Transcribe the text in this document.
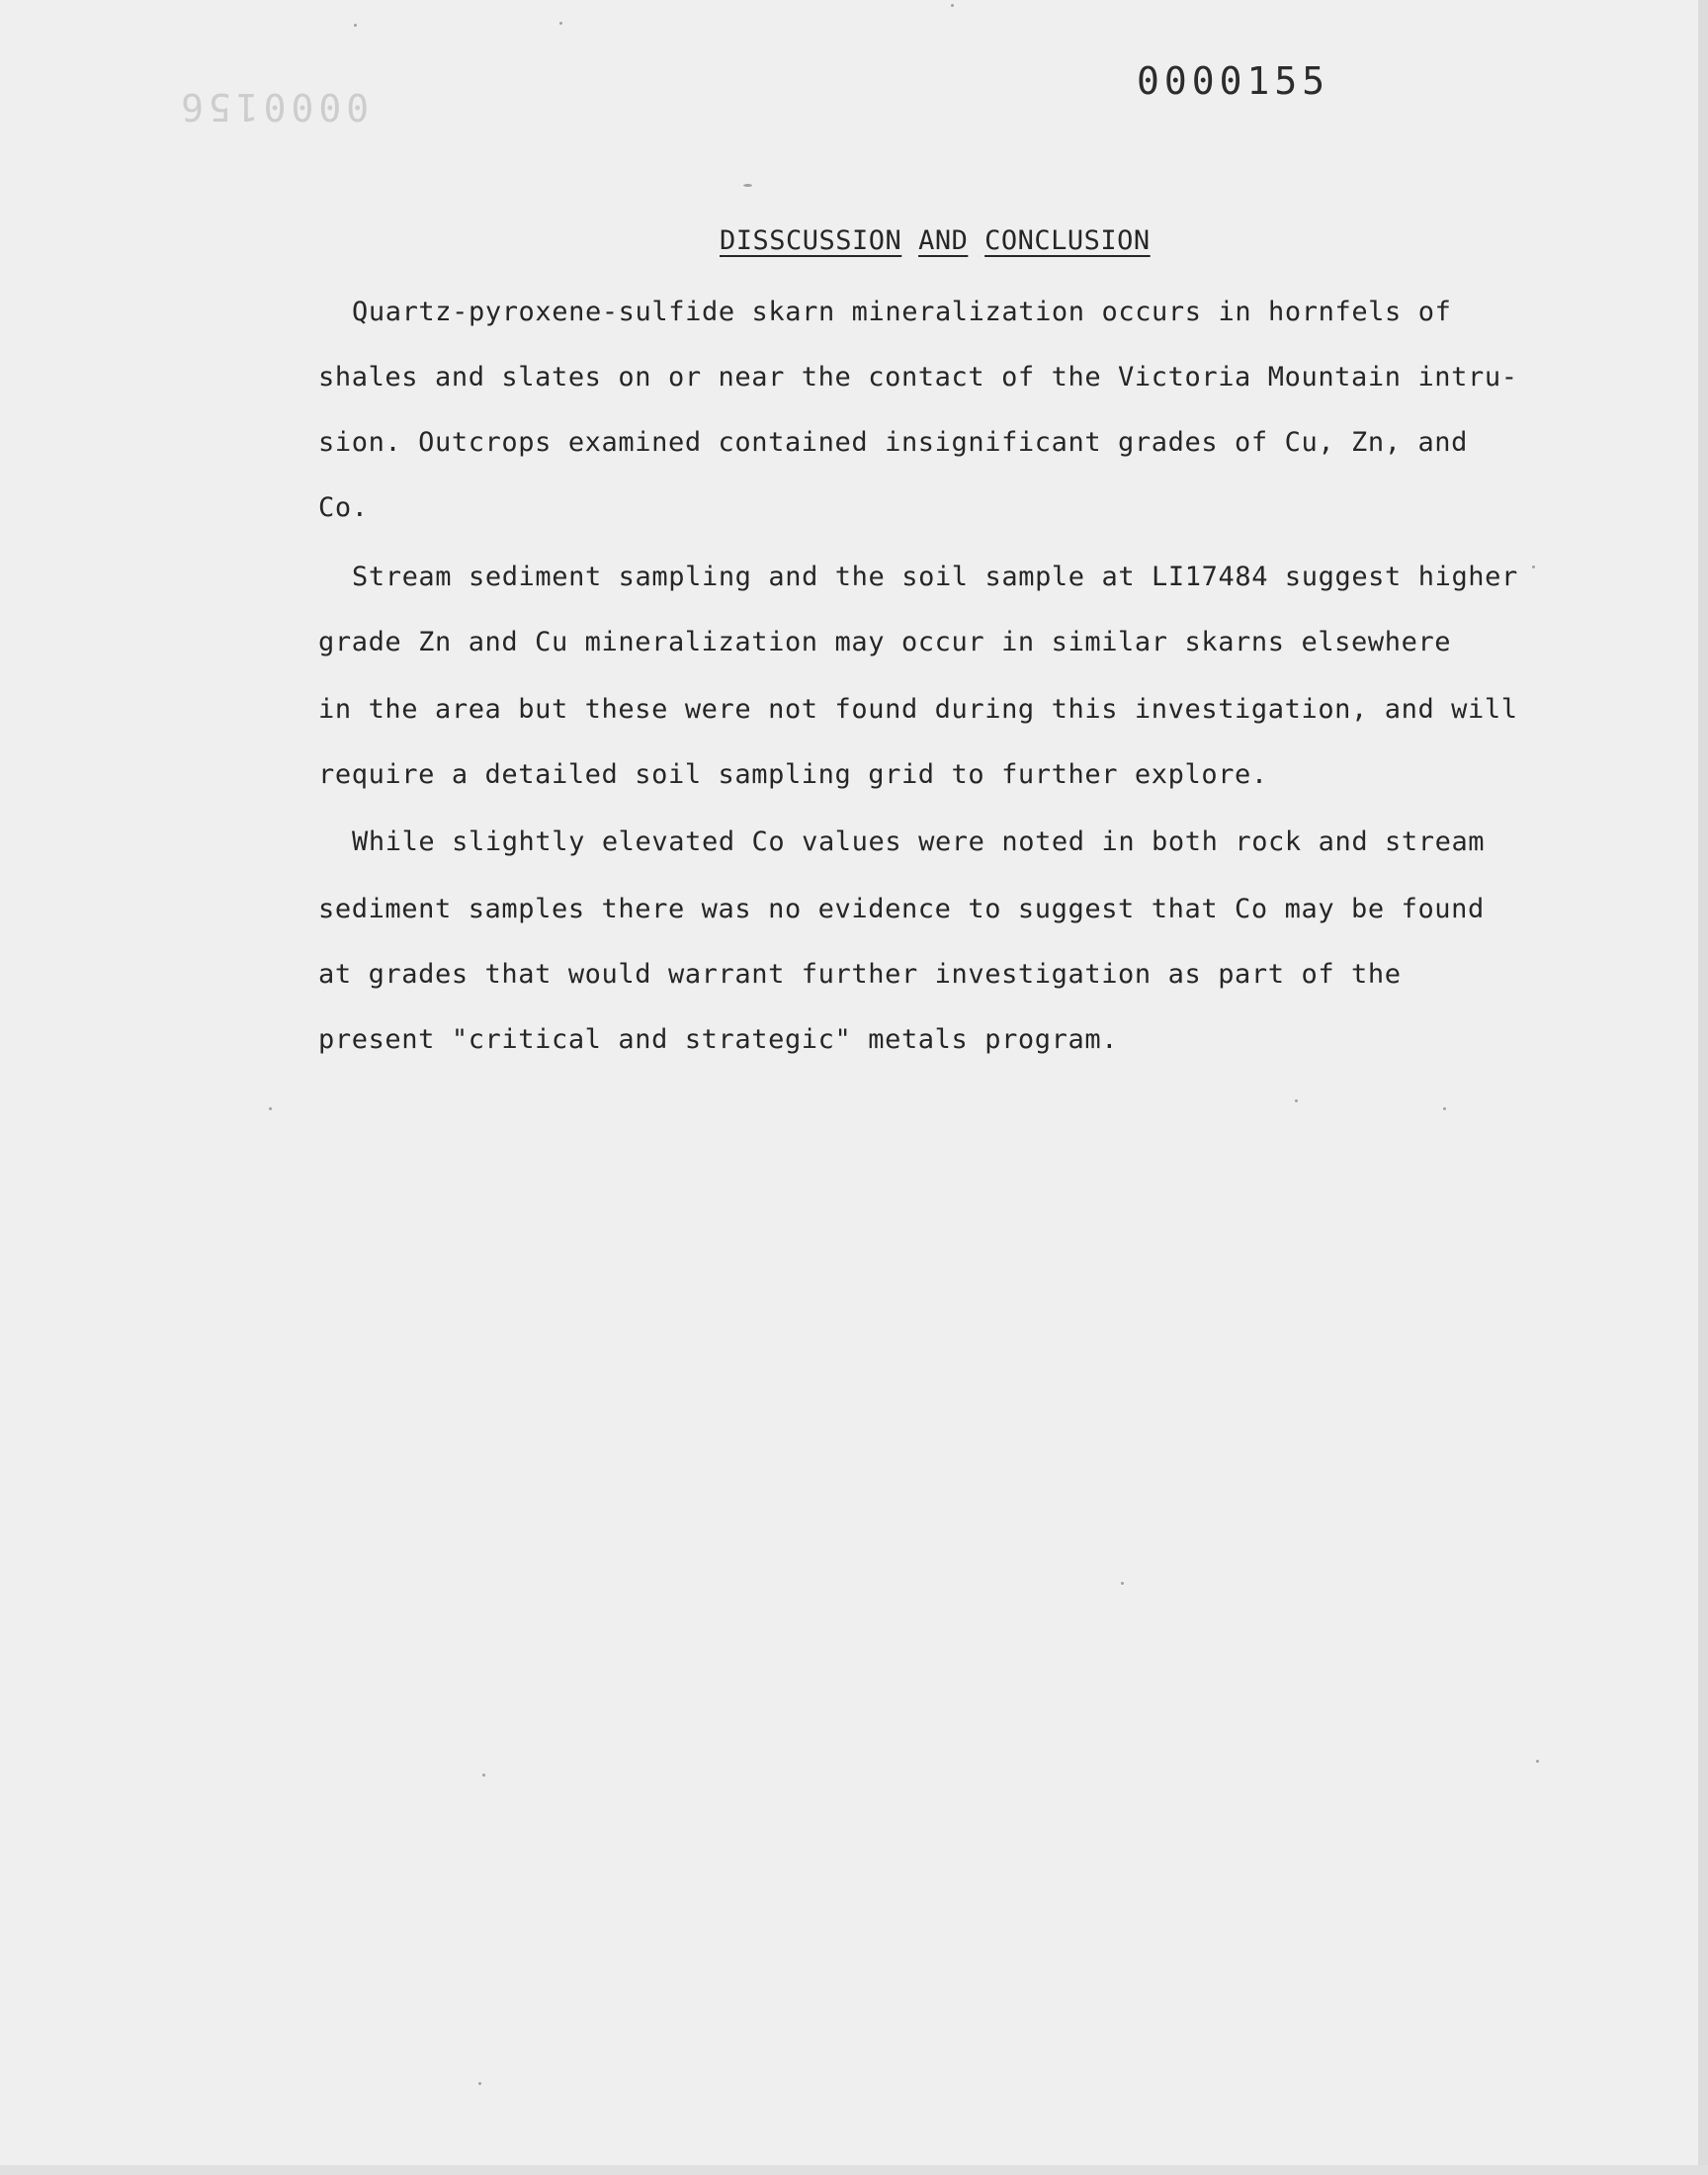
0000156
0000155
DISSCUSSION AND CONCLUSION
Quartz-pyroxene-sulfide skarn mineralization occurs in hornfels of
shales and slates on or near the contact of the Victoria Mountain intru-
sion. Outcrops examined contained insignificant grades of Cu, Zn, and
Co.
Stream sediment sampling and the soil sample at LI17484 suggest higher
grade Zn and Cu mineralization may occur in similar skarns elsewhere
in the area but these were not found during this investigation, and will
require a detailed soil sampling grid to further explore.
While slightly elevated Co values were noted in both rock and stream
sediment samples there was no evidence to suggest that Co may be found
at grades that would warrant further investigation as part of the
present "critical and strategic" metals program.
